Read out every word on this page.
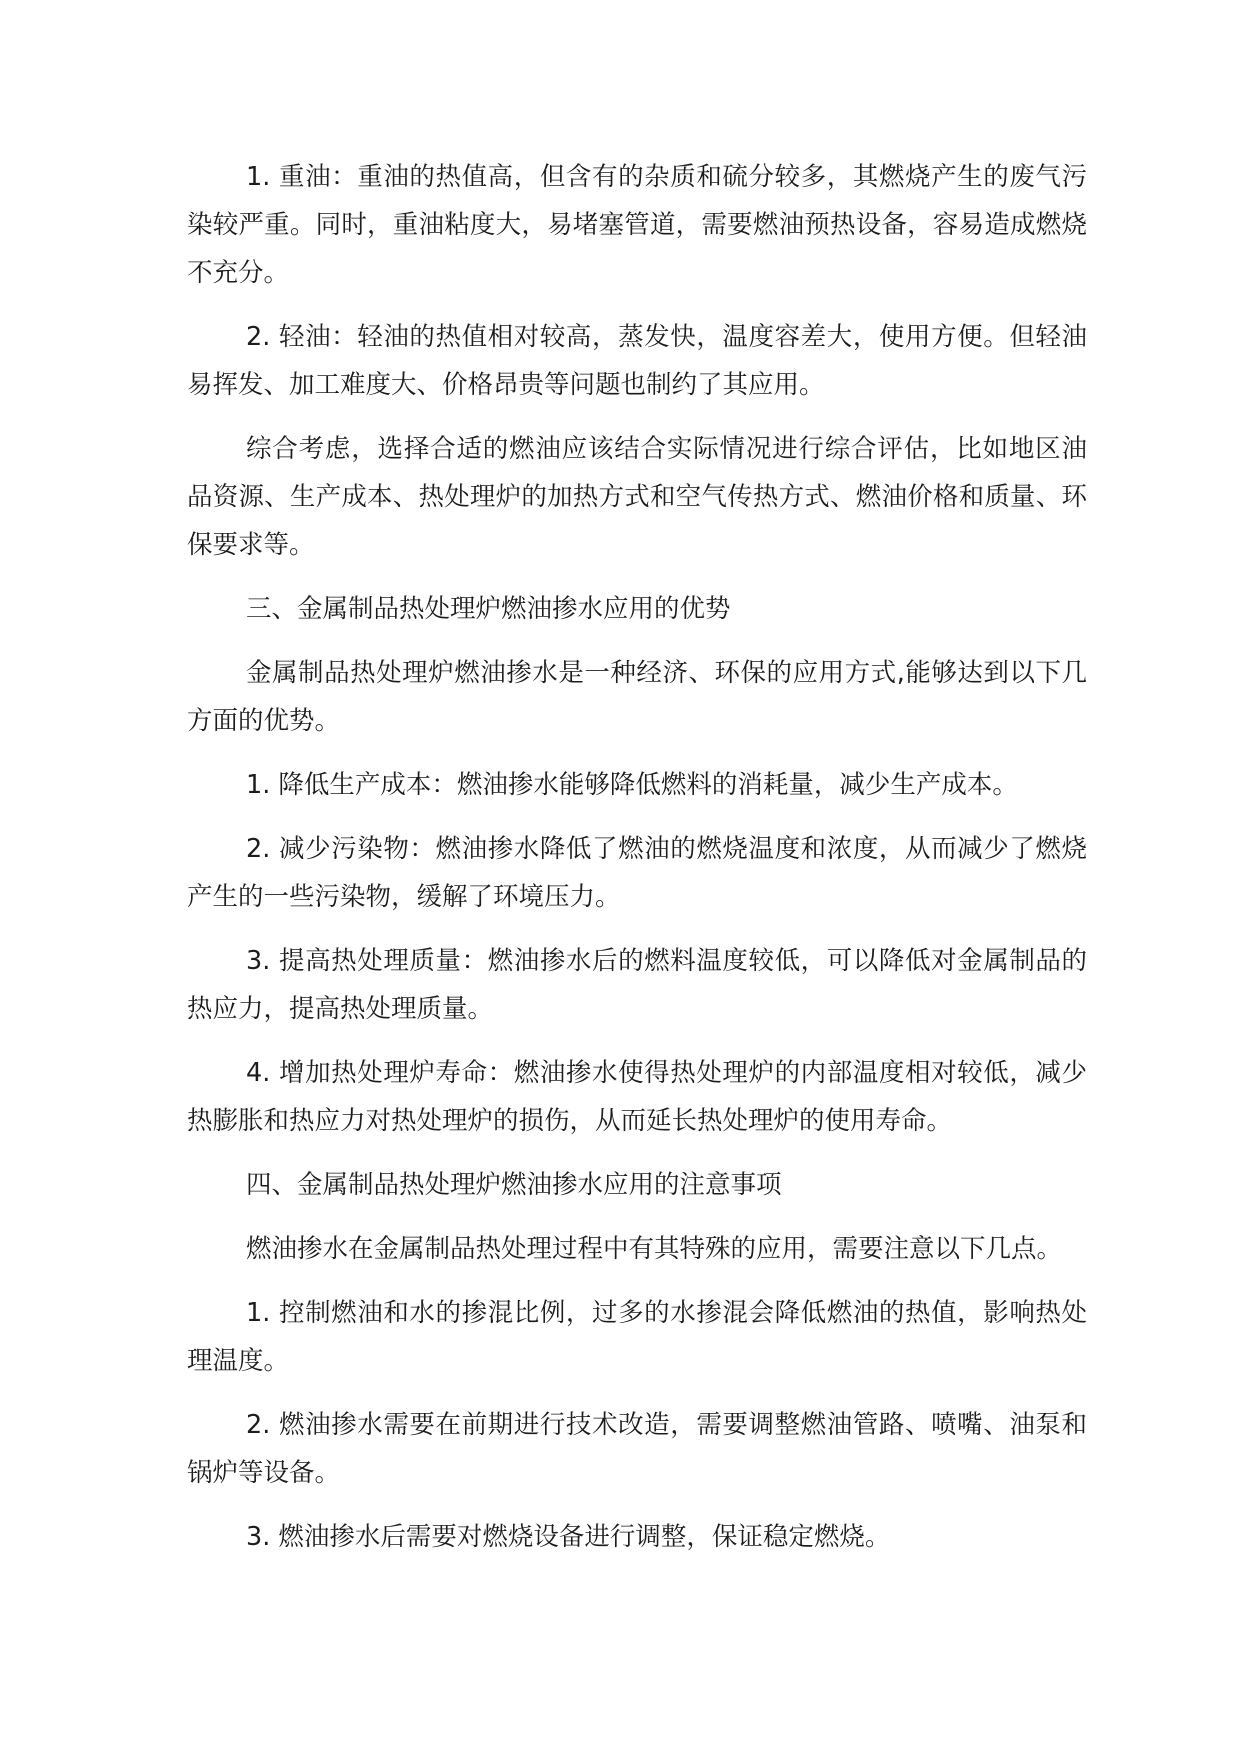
1. 重油：重油的热值高，但含有的杂质和硫分较多，其燃烧产生的废气污染较严重。同时，重油粘度大，易堵塞管道，需要燃油预热设备，容易造成燃烧不充分。

2. 轻油：轻油的热值相对较高，蒸发快，温度容差大，使用方便。但轻油易挥发、加工难度大、价格昂贵等问题也制约了其应用。

综合考虑，选择合适的燃油应该结合实际情况进行综合评估，比如地区油品资源、生产成本、热处理炉的加热方式和空气传热方式、燃油价格和质量、环保要求等。

三、金属制品热处理炉燃油掺水应用的优势

金属制品热处理炉燃油掺水是一种经济、环保的应用方式,能够达到以下几方面的优势。

1. 降低生产成本：燃油掺水能够降低燃料的消耗量，减少生产成本。

2. 减少污染物：燃油掺水降低了燃油的燃烧温度和浓度，从而减少了燃烧产生的一些污染物，缓解了环境压力。

3. 提高热处理质量：燃油掺水后的燃料温度较低，可以降低对金属制品的热应力，提高热处理质量。

4. 增加热处理炉寿命：燃油掺水使得热处理炉的内部温度相对较低，减少热膨胀和热应力对热处理炉的损伤，从而延长热处理炉的使用寿命。

四、金属制品热处理炉燃油掺水应用的注意事项

燃油掺水在金属制品热处理过程中有其特殊的应用，需要注意以下几点。

1. 控制燃油和水的掺混比例，过多的水掺混会降低燃油的热值，影响热处理温度。

2. 燃油掺水需要在前期进行技术改造，需要调整燃油管路、喷嘴、油泵和锅炉等设备。

3. 燃油掺水后需要对燃烧设备进行调整，保证稳定燃烧。
